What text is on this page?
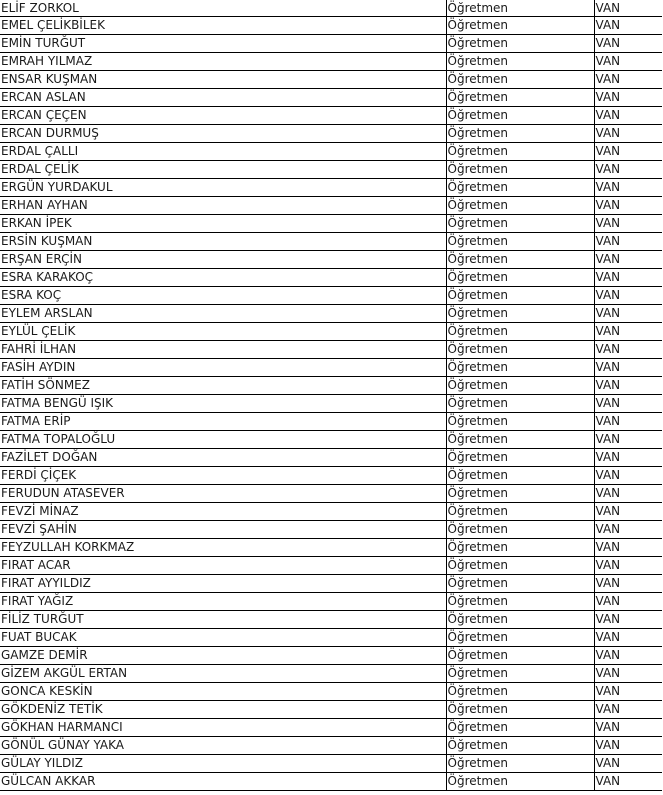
ELİF ZORKOL	Öğretmen	VAN
EMEL ÇELİKBİLEK	Öğretmen	VAN
EMİN TURĞUT	Öğretmen	VAN
EMRAH YILMAZ	Öğretmen	VAN
ENSAR KUŞMAN	Öğretmen	VAN
ERCAN ASLAN	Öğretmen	VAN
ERCAN ÇEÇEN	Öğretmen	VAN
ERCAN DURMUŞ	Öğretmen	VAN
ERDAL ÇALLI	Öğretmen	VAN
ERDAL ÇELİK	Öğretmen	VAN
ERGÜN YURDAKUL	Öğretmen	VAN
ERHAN AYHAN	Öğretmen	VAN
ERKAN İPEK	Öğretmen	VAN
ERSİN KUŞMAN	Öğretmen	VAN
ERŞAN ERÇİN	Öğretmen	VAN
ESRA KARAKOÇ	Öğretmen	VAN
ESRA KOÇ	Öğretmen	VAN
EYLEM ARSLAN	Öğretmen	VAN
EYLÜL ÇELİK	Öğretmen	VAN
FAHRİ İLHAN	Öğretmen	VAN
FASİH AYDIN	Öğretmen	VAN
FATİH SÖNMEZ	Öğretmen	VAN
FATMA BENGÜ IŞIK	Öğretmen	VAN
FATMA ERİP	Öğretmen	VAN
FATMA TOPALOĞLU	Öğretmen	VAN
FAZİLET DOĞAN	Öğretmen	VAN
FERDİ ÇİÇEK	Öğretmen	VAN
FERUDUN ATASEVER	Öğretmen	VAN
FEVZİ MİNAZ	Öğretmen	VAN
FEVZİ ŞAHİN	Öğretmen	VAN
FEYZULLAH KORKMAZ	Öğretmen	VAN
FIRAT ACAR	Öğretmen	VAN
FIRAT AYYILDIZ	Öğretmen	VAN
FIRAT YAĞIZ	Öğretmen	VAN
FİLİZ TURĞUT	Öğretmen	VAN
FUAT BUCAK	Öğretmen	VAN
GAMZE DEMİR	Öğretmen	VAN
GİZEM AKGÜL ERTAN	Öğretmen	VAN
GONCA KESKİN	Öğretmen	VAN
GÖKDENİZ TETİK	Öğretmen	VAN
GÖKHAN HARMANCI	Öğretmen	VAN
GÖNÜL GÜNAY YAKA	Öğretmen	VAN
GÜLAY YILDIZ	Öğretmen	VAN
GÜLCAN AKKAR	Öğretmen	VAN
